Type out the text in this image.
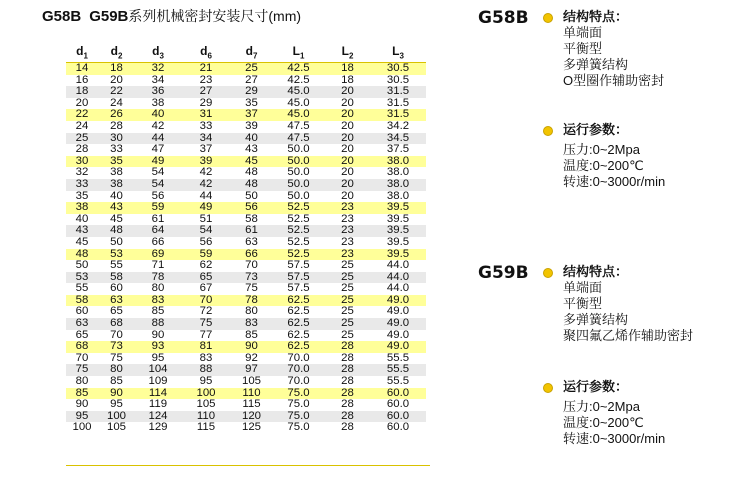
G58B G59B系列机械密封安装尺寸(mm)
$d_1$	$d_2$	$d_3$	$d_6$	$d_7$	$L_1$	$L_2$	$L_3$
14	18	32	21	25	42.5	18	30.5
16	20	34	23	27	42.5	18	30.5
18	22	36	27	29	45.0	20	31.5
20	24	38	29	35	45.0	20	31.5
22	26	40	31	37	45.0	20	31.5
24	28	42	33	39	47.5	20	34.2
25	30	44	34	40	47.5	20	34.5
28	33	47	37	43	50.0	20	37.5
30	35	49	39	45	50.0	20	38.0
32	38	54	42	48	50.0	20	38.0
33	38	54	42	48	50.0	20	38.0
35	40	56	44	50	50.0	20	38.0
38	43	59	49	56	52.5	23	39.5
40	45	61	51	58	52.5	23	39.5
43	48	64	54	61	52.5	23	39.5
45	50	66	56	63	52.5	23	39.5
48	53	69	59	66	52.5	23	39.5
50	55	71	62	70	57.5	25	44.0
53	58	78	65	73	57.5	25	44.0
55	60	80	67	75	57.5	25	44.0
58	63	83	70	78	62.5	25	49.0
60	65	85	72	80	62.5	25	49.0
63	68	88	75	83	62.5	25	49.0
65	70	90	77	85	62.5	25	49.0
68	73	93	81	90	62.5	28	49.0
70	75	95	83	92	70.0	28	55.5
75	80	104	88	97	70.0	28	55.5
80	85	109	95	105	70.0	28	55.5
85	90	114	100	110	75.0	28	60.0
90	95	119	105	115	75.0	28	60.0
95	100	124	110	120	75.0	28	60.0
100	105	129	115	125	75.0	28	60.0
G58B	结构特点：
单端面
平衡型
多弹簧结构
O型圈作辅助密封
运行参数：
压力:0~2Mpa
温度:0~200℃
转速:0~3000r/min
G59B	结构特点：
单端面
平衡型
多弹簧结构
聚四氟乙烯作辅助密封
运行参数：
压力:0~2Mpa
温度:0~200℃
转速:0~3000r/min
